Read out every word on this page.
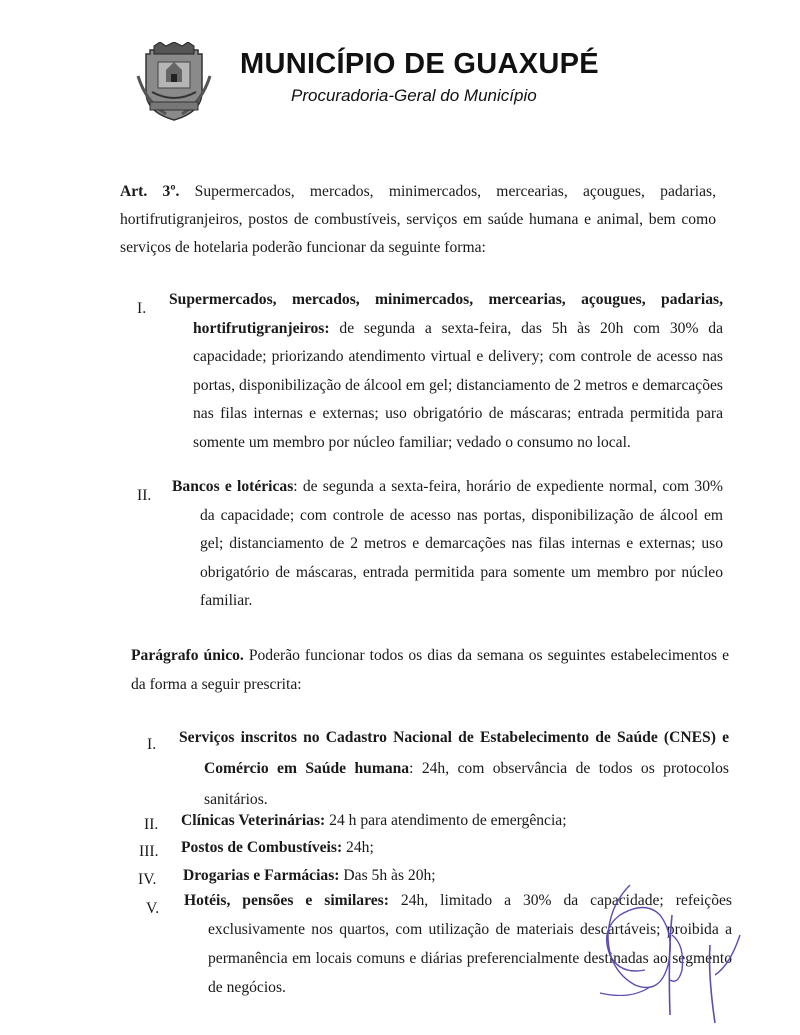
MUNICÍPIO DE GUAXUPÉ
Procuradoria-Geral do Município
Art. 3º. Supermercados, mercados, minimercados, mercearias, açougues, padarias, hortifrutigranjeiros, postos de combustíveis, serviços em saúde humana e animal, bem como serviços de hotelaria poderão funcionar da seguinte forma:
I.
Supermercados, mercados, minimercados, mercearias, açougues, padarias, hortifrutigranjeiros: de segunda a sexta-feira, das 5h às 20h com 30% da capacidade; priorizando atendimento virtual e delivery; com controle de acesso nas portas, disponibilização de álcool em gel; distanciamento de 2 metros e demarcações nas filas internas e externas; uso obrigatório de máscaras; entrada permitida para somente um membro por núcleo familiar; vedado o consumo no local.
II.
Bancos e lotéricas: de segunda a sexta-feira, horário de expediente normal, com 30% da capacidade; com controle de acesso nas portas, disponibilização de álcool em gel; distanciamento de 2 metros e demarcações nas filas internas e externas; uso obrigatório de máscaras, entrada permitida para somente um membro por núcleo familiar.
Parágrafo único. Poderão funcionar todos os dias da semana os seguintes estabelecimentos e da forma a seguir prescrita:
I. Serviços inscritos no Cadastro Nacional de Estabelecimento de Saúde (CNES) e Comércio em Saúde humana: 24h, com observância de todos os protocolos sanitários.
II. Clínicas Veterinárias: 24 h para atendimento de emergência;
III. Postos de Combustíveis: 24h;
IV. Drogarias e Farmácias: Das 5h às 20h;
V. Hotéis, pensões e similares: 24h, limitado a 30% da capacidade; refeições exclusivamente nos quartos, com utilização de materiais descartáveis; proibida a permanência em locais comuns e diárias preferencialmente destinadas ao segmento de negócios.
